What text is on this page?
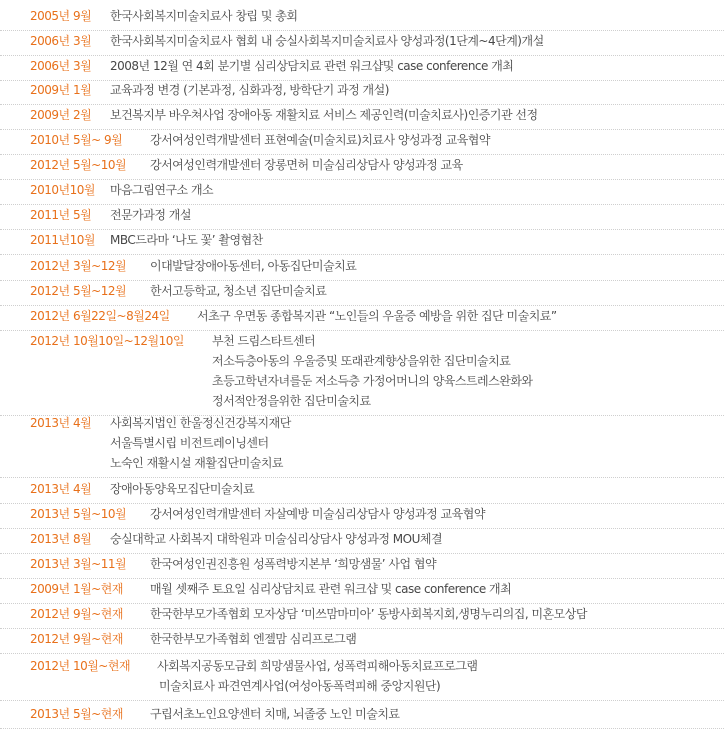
2005년 9월 한국사회복지미술치료사 창립 및 총회
2006년 3월 한국사회복지미술치료사 협회 내 숭실사회복지미술치료사 양성과정(1단계~4단계)개설
2006년 3월 2008년 12월 연 4회 분기별 심리상담치료 관련 워크샵및 case conference 개최
2009년 1월 교육과정 변경 (기본과정, 심화과정, 방학단기 과정 개설)
2009년 2월 보건복지부 바우쳐사업 장애아동 재활치료 서비스 제공인력(미술치료사)인증기관 선정
2010년 5월~ 9월 강서여성인력개발센터 표현예술(미술치료)치료사 양성과정 교육협약
2012년 5월~10월 강서여성인력개발센터 장롱면허 미술심리상담사 양성과정 교육
2010년10월 마음그림연구소 개소
2011년 5월 전문가과정 개설
2011년10월 MBC드라마 ‘나도 꽃’ 촬영협찬
2012년 3월~12월 이대발달장애아동센터, 아동집단미술치료
2012년 5월~12월 한서고등학교, 청소년 집단미술치료
2012년 6월22일~8월24일 서초구 우면동 종합복지관 “노인들의 우울증 예방을 위한 집단 미술치료”
2012년 10월10일~12월10일 부천 드림스타트센터
저소득층아동의 우울증및 또래관계향상을위한 집단미술치료
초등고학년자녀를둔 저소득층 가정어머니의 양육스트레스완화와
정서적안정을위한 집단미술치료
2013년 4월 사회복지법인 한울정신건강복지재단
서울특별시립 비전트레이닝센터
노숙인 재활시설 재활집단미술치료
2013년 4월 장애아동양육모집단미술치료
2013년 5월~10월 강서여성인력개발센터 자살예방 미술심리상담사 양성과정 교육협약
2013년 8월 숭실대학교 사회복지 대학원과 미술심리상담사 양성과정 MOU체결
2013년 3월~11월 한국여성인권진흥원 성폭력방지본부 ‘희망샘물’ 사업 협약
2009년 1월~현재 매월 셋째주 토요일 심리상담치료 관련 워크샵 및 case conference 개최
2012년 9월~현재 한국한부모가족협회 모자상담 ‘미쓰맘마미아’ 동방사회복지회,생명누리의집, 미혼모상담
2012년 9월~현재 한국한부모가족협회 엔젤맘 심리프로그램
2012년 10월~현재 사회복지공동모금회 희망샘물사업, 성폭력피해아동치료프로그램
미술치료사 파견연계사업(여성아동폭력피해 중앙지원단)
2013년 5월~현재 구립서초노인요양센터 치매, 뇌졸중 노인 미술치료
